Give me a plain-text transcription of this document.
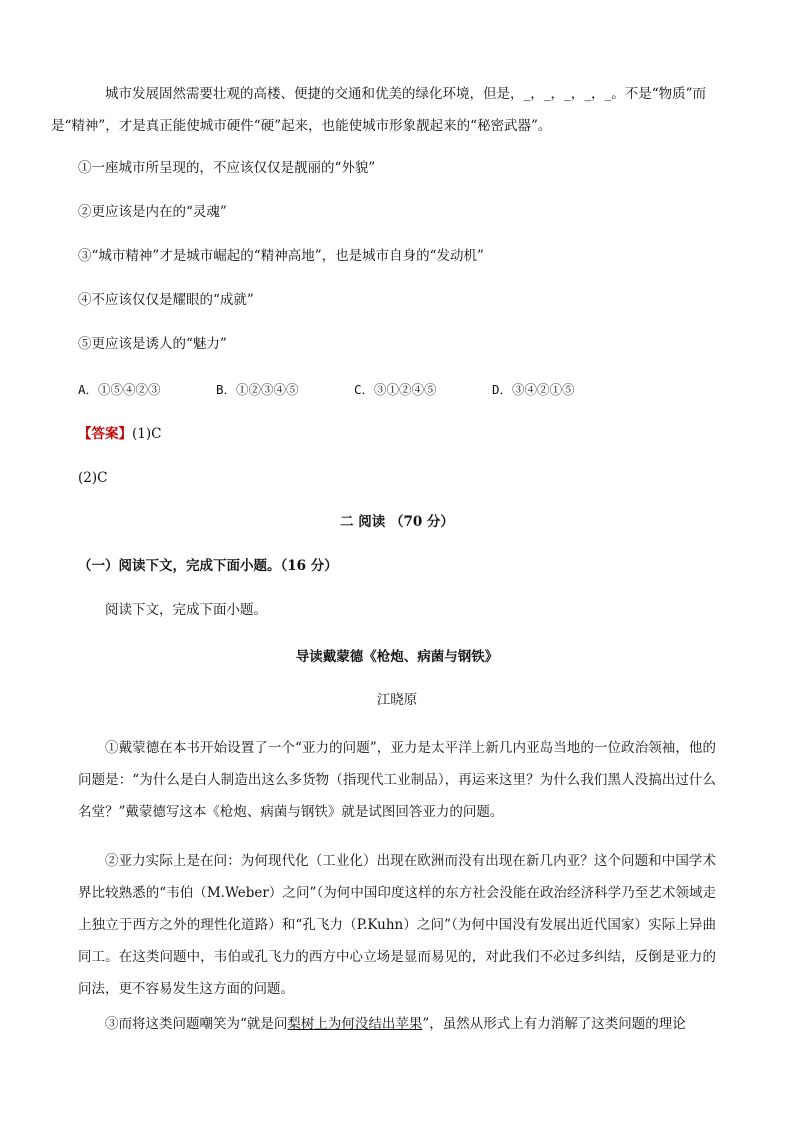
城市发展固然需要壮观的高楼、便捷的交通和优美的绿化环境，但是，_，_，_，_，_。不是“物质”而
是“精神”，才是真正能使城市硬件“硬”起来，也能使城市形象靓起来的“秘密武器”。
①一座城市所呈现的，不应该仅仅是靓丽的“外貌”
②更应该是内在的“灵魂”
③“城市精神”才是城市崛起的“精神高地”，也是城市自身的“发动机”
④不应该仅仅是耀眼的“成就”
⑤更应该是诱人的“魅力”
A．①⑤④②③	B．①②③④⑤	C．③①②④⑤	D．③④②①⑤
【答案】(1)C
(2)C
二 阅读 （70 分）
（一）阅读下文，完成下面小题。（16 分）
阅读下文，完成下面小题。
导读戴蒙德《枪炮、病菌与钢铁》
江晓原
①戴蒙德在本书开始设置了一个“亚力的问题”，亚力是太平洋上新几内亚岛当地的一位政治领袖，他的问题是：“为什么是白人制造出这么多货物（指现代工业制品），再运来这里？为什么我们黑人没搞出过什么名堂？”戴蒙德写这本《枪炮、病菌与钢铁》就是试图回答亚力的问题。
②亚力实际上是在问：为何现代化（工业化）出现在欧洲而没有出现在新几内亚？这个问题和中国学术界比较熟悉的“韦伯（M.Weber）之问”（为何中国印度这样的东方社会没能在政治经济科学乃至艺术领域走上独立于西方之外的理性化道路）和“孔飞力（P.Kuhn）之问”（为何中国没有发展出近代国家）实际上异曲同工。在这类问题中，韦伯或孔飞力的西方中心立场是显而易见的，对此我们不必过多纠结，反倒是亚力的问法，更不容易发生这方面的问题。
③而将这类问题嘲笑为“就是问梨树上为何没结出苹果”，虽然从形式上有力消解了这类问题的理论
